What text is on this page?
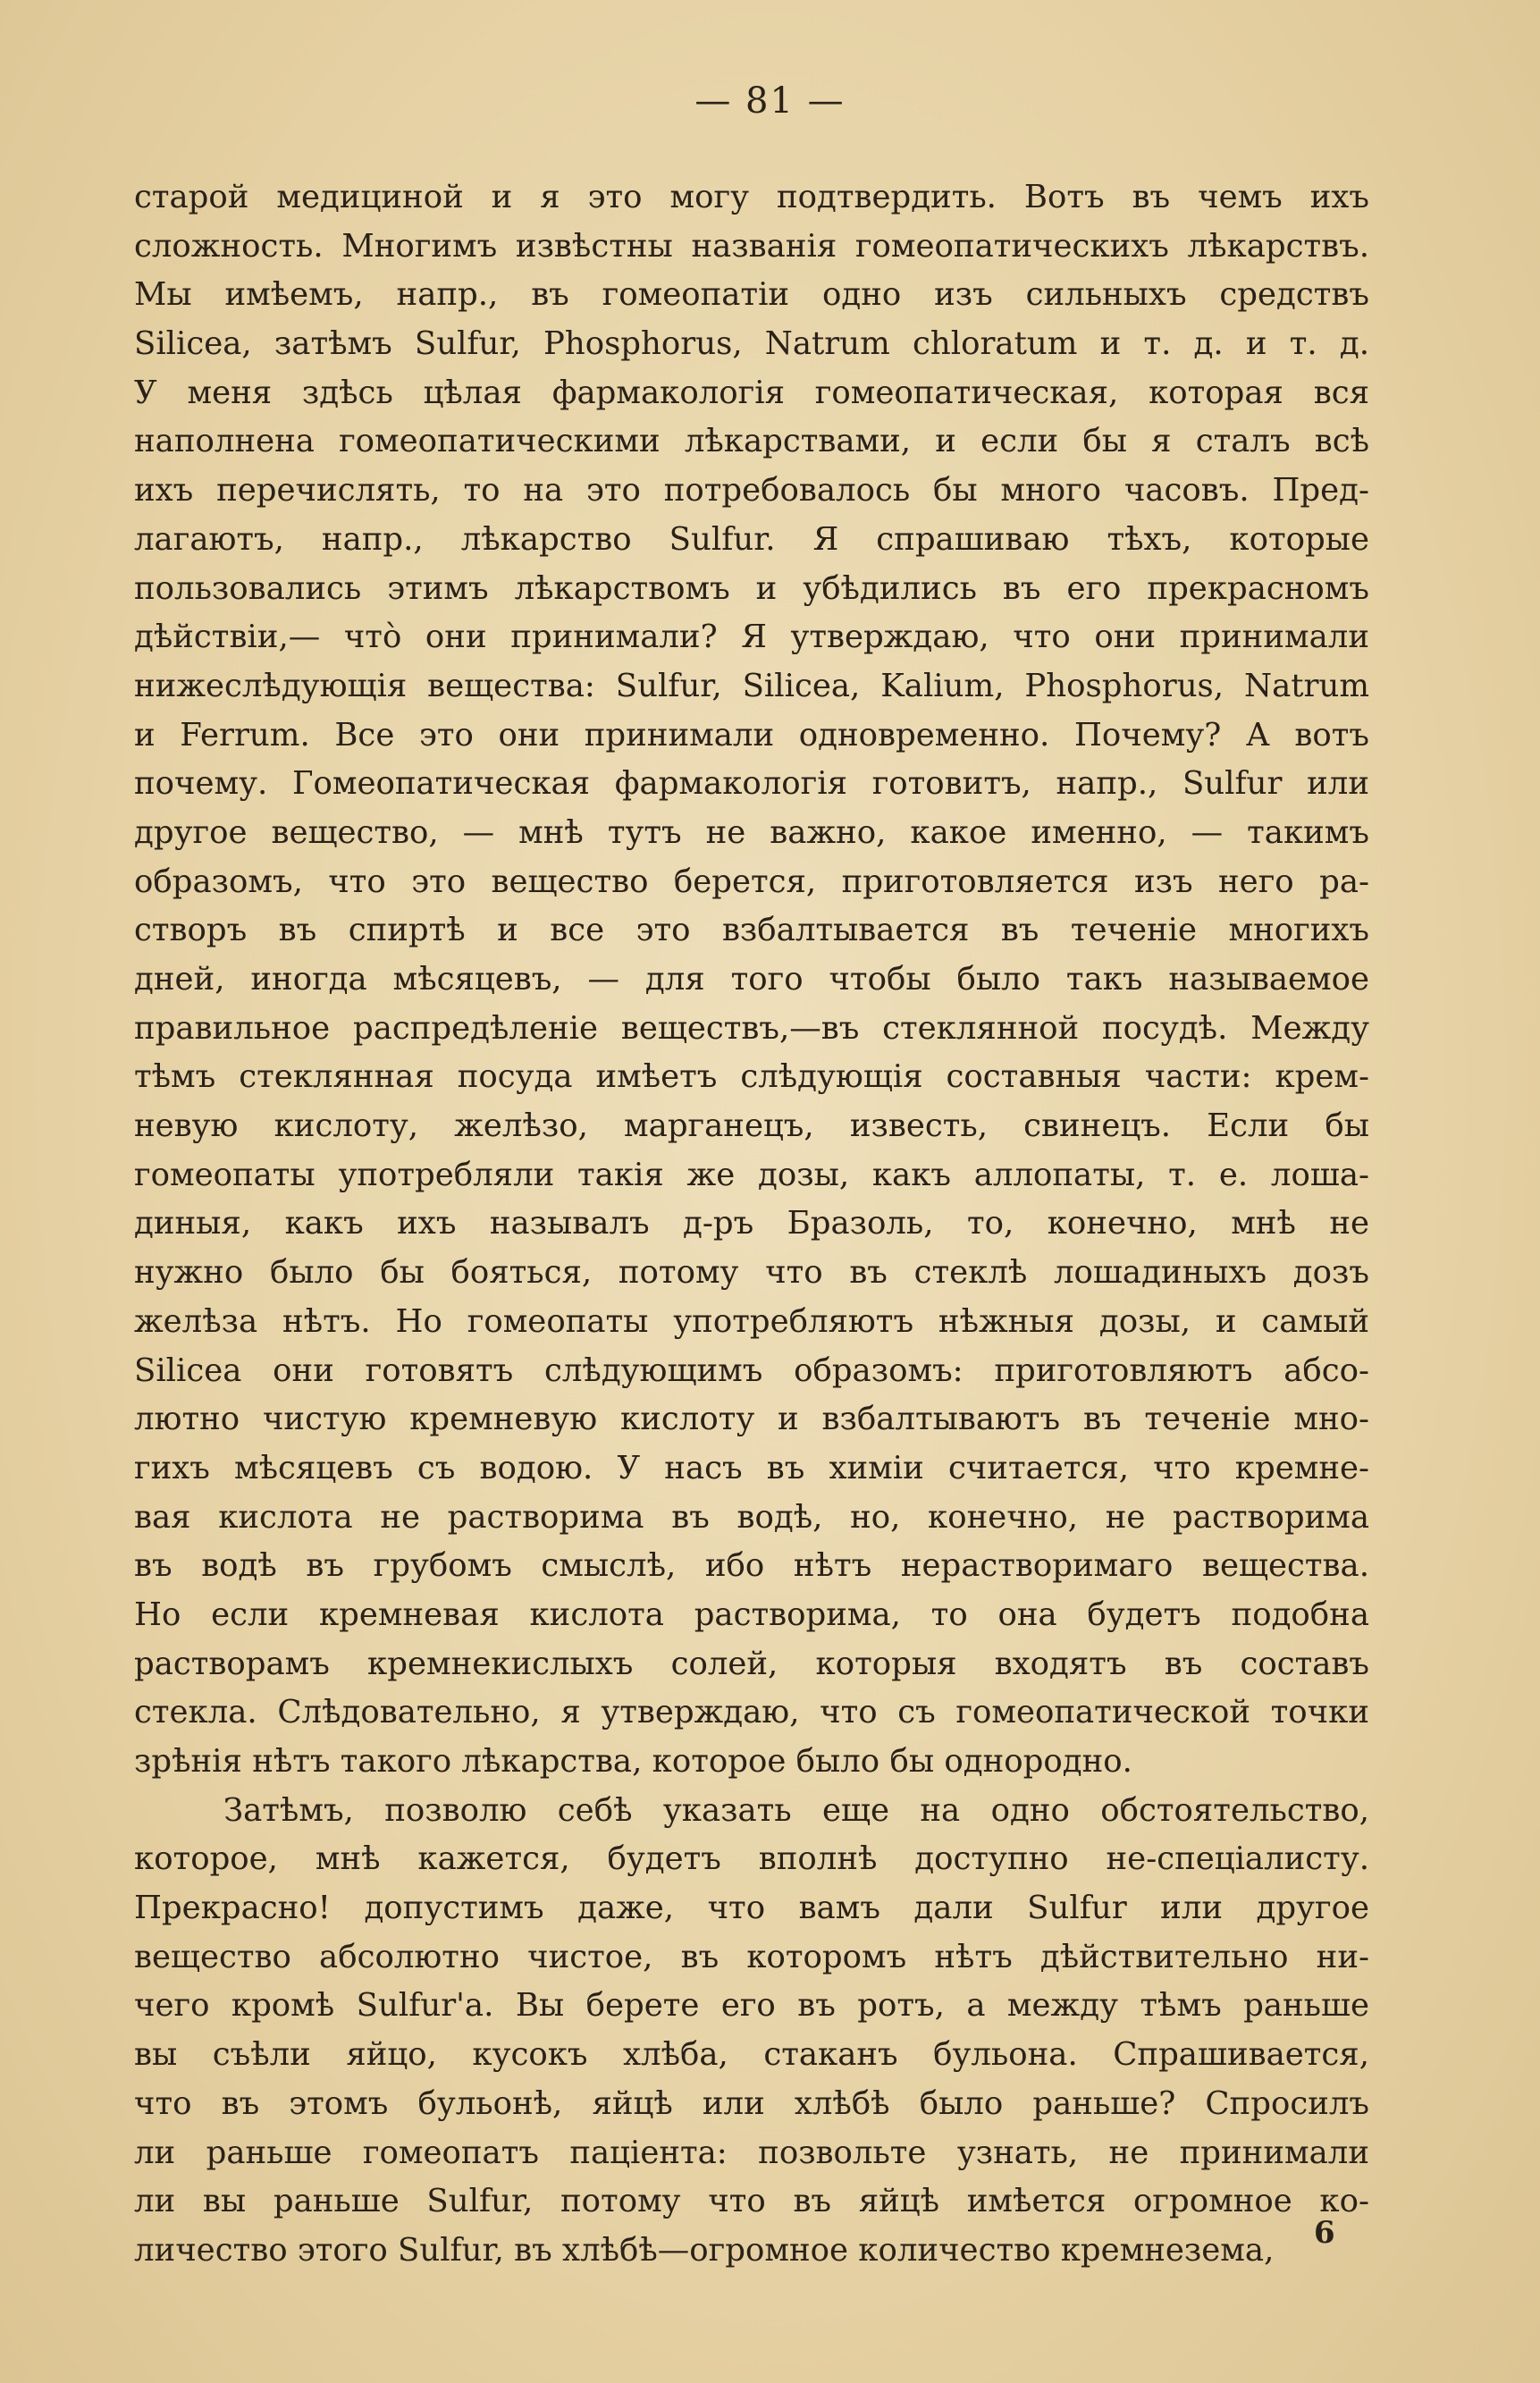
— 81 —
старой медициной и я это могу подтвердить. Вотъ въ чемъ ихъ
сложность. Многимъ извѣстны названія гомеопатическихъ лѣкарствъ.
Мы имѣемъ, напр., въ гомеопатіи одно изъ сильныхъ средствъ
Silicea, затѣмъ Sulfur, Phosphorus, Natrum chloratum и т. д. и т. д.
У меня здѣсь цѣлая фармакологія гомеопатическая, которая вся
наполнена гомеопатическими лѣкарствами, и если бы я сталъ всѣ
ихъ перечислять, то на это потребовалось бы много часовъ. Пред-
лагаютъ, напр., лѣкарство Sulfur. Я спрашиваю тѣхъ, которые
пользовались этимъ лѣкарствомъ и убѣдились въ его прекрасномъ
дѣйствіи,— что̀ они принимали? Я утверждаю, что они принимали
нижеслѣдующія вещества: Sulfur, Silicea, Kalium, Phosphorus, Natrum
и Ferrum. Все это они принимали одновременно. Почему? А вотъ
почему. Гомеопатическая фармакологія готовитъ, напр., Sulfur или
другое вещество, — мнѣ тутъ не важно, какое именно, — такимъ
образомъ, что это вещество берется, приготовляется изъ него ра-
створъ въ спиртѣ и все это взбалтывается въ теченіе многихъ
дней, иногда мѣсяцевъ, — для того чтобы было такъ называемое
правильное распредѣленіе веществъ,—въ стеклянной посудѣ. Между
тѣмъ стеклянная посуда имѣетъ слѣдующія составныя части: крем-
невую кислоту, желѣзо, марганецъ, известь, свинецъ. Если бы
гомеопаты употребляли такія же дозы, какъ аллопаты, т. е. лоша-
диныя, какъ ихъ называлъ д-ръ Бразоль, то, конечно, мнѣ не
нужно было бы бояться, потому что въ стеклѣ лошадиныхъ дозъ
желѣза нѣтъ. Но гомеопаты употребляютъ нѣжныя дозы, и самый
Silicea они готовятъ слѣдующимъ образомъ: приготовляютъ абсо-
лютно чистую кремневую кислоту и взбалтываютъ въ теченіе мно-
гихъ мѣсяцевъ съ водою. У насъ въ химіи считается, что кремне-
вая кислота не растворима въ водѣ, но, конечно, не растворима
въ водѣ въ грубомъ смыслѣ, ибо нѣтъ нерастворимаго вещества.
Но если кремневая кислота растворима, то она будетъ подобна
растворамъ кремнекислыхъ солей, которыя входятъ въ составъ
стекла. Слѣдовательно, я утверждаю, что съ гомеопатической точки
зрѣнія нѣтъ такого лѣкарства, которое было бы однородно.
Затѣмъ, позволю себѣ указать еще на одно обстоятельство,
которое, мнѣ кажется, будетъ вполнѣ доступно не-спеціалисту.
Прекрасно! допустимъ даже, что вамъ дали Sulfur или другое
вещество абсолютно чистое, въ которомъ нѣтъ дѣйствительно ни-
чего кромѣ Sulfur'а. Вы берете его въ ротъ, а между тѣмъ раньше
вы съѣли яйцо, кусокъ хлѣба, стаканъ бульона. Спрашивается,
что въ этомъ бульонѣ, яйцѣ или хлѣбѣ было раньше? Спросилъ
ли раньше гомеопатъ паціента: позвольте узнать, не принимали
ли вы раньше Sulfur, потому что въ яйцѣ имѣется огромное ко-
личество этого Sulfur, въ хлѣбѣ—огромное количество кремнезема,	6
